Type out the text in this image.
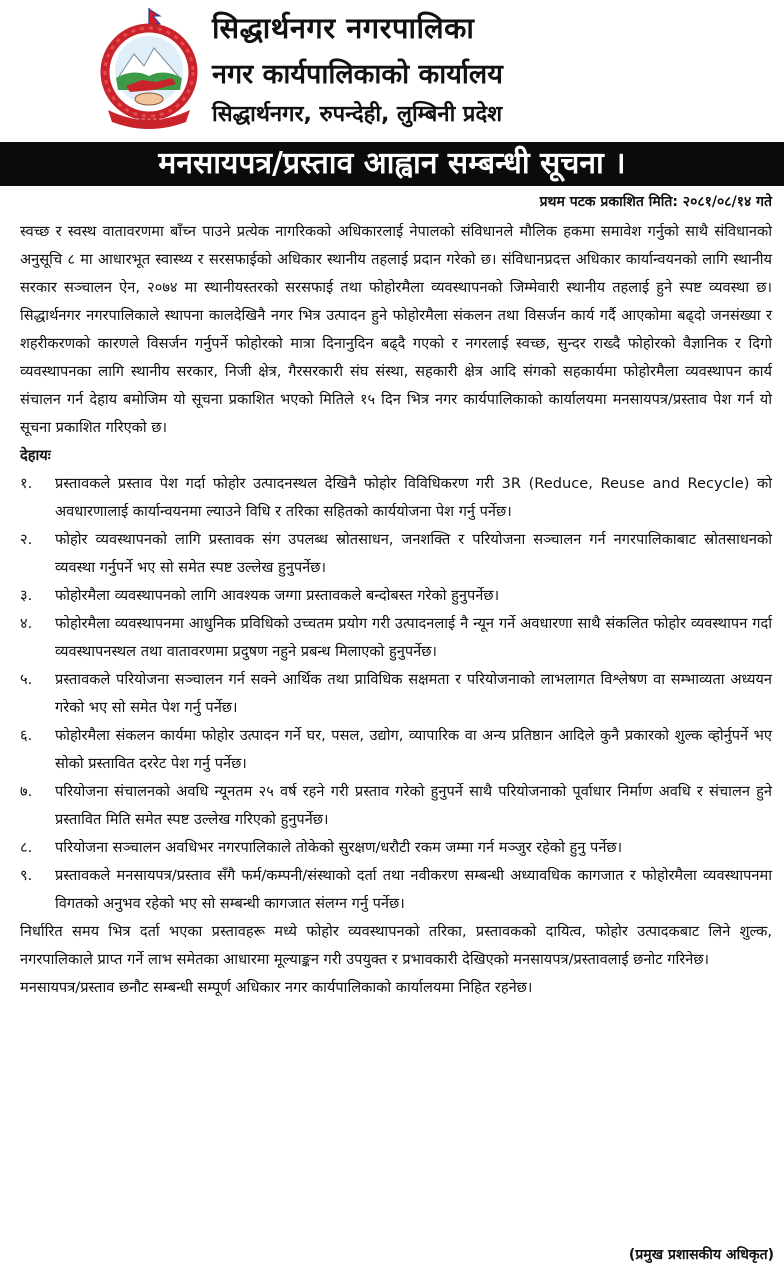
~ ~ ~ ~ ~
सिद्धार्थनगर नगरपालिका
नगर कार्यपालिकाको कार्यालय
सिद्धार्थनगर, रुपन्देही, लुम्बिनी प्रदेश
मनसायपत्र/प्रस्ताव आह्वान सम्बन्धी सूचना ।
प्रथम पटक प्रकाशित मिति: २०८१/०८/१४ गते

स्वच्छ र स्वस्थ वातावरणमा बाँच्न पाउने प्रत्येक नागरिकको अधिकारलाई नेपालको संविधानले मौलिक हकमा समावेश गर्नुको साथै संविधानको अनुसूचि ८ मा आधारभूत स्वास्थ्य र सरसफाईको अधिकार स्थानीय तहलाई प्रदान गरेको छ। संविधानप्रदत्त अधिकार कार्यान्वयनको लागि स्थानीय सरकार सञ्चालन ऐन, २०७४ मा स्थानीयस्तरको सरसफाई तथा फोहोरमैला व्यवस्थापनको जिम्मेवारी स्थानीय तहलाई हुने स्पष्ट व्यवस्था छ। सिद्धार्थनगर नगरपालिकाले स्थापना कालदेखिनै नगर भित्र उत्पादन हुने फोहोरमैला संकलन तथा विसर्जन कार्य गर्दै आएकोमा बढ्दो जनसंख्या र शहरीकरणको कारणले विसर्जन गर्नुपर्ने फोहोरको मात्रा दिनानुदिन बढ्दै गएको र नगरलाई स्वच्छ, सुन्दर राख्दै फोहोरको वैज्ञानिक र दिगो व्यवस्थापनका लागि स्थानीय सरकार, निजी क्षेत्र, गैरसरकारी संघ संस्था, सहकारी क्षेत्र आदि संगको सहकार्यमा फोहोरमैला व्यवस्थापन कार्य संचालन गर्न देहाय बमोजिम यो सूचना प्रकाशित भएको मितिले १५ दिन भित्र नगर कार्यपालिकाको कार्यालयमा मनसायपत्र/प्रस्ताव पेश गर्न यो सूचना प्रकाशित गरिएको छ।

देहायः

१.	प्रस्तावकले प्रस्ताव पेश गर्दा फोहोर उत्पादनस्थल देखिनै फोहोर विविधिकरण गरी 3R (Reduce, Reuse and Recycle) को अवधारणालाई कार्यान्वयनमा ल्याउने विधि र तरिका सहितको कार्ययोजना पेश गर्नु पर्नेछ।
२.	फोहोर व्यवस्थापनको लागि प्रस्तावक संग उपलब्ध स्रोतसाधन, जनशक्ति र परियोजना सञ्चालन गर्न नगरपालिकाबाट स्रोतसाधनको व्यवस्था गर्नुपर्ने भए सो समेत स्पष्ट उल्लेख हुनुपर्नेछ।
३.	फोहोरमैला व्यवस्थापनको लागि आवश्यक जग्गा प्रस्तावकले बन्दोबस्त गरेको हुनुपर्नेछ।
४.	फोहोरमैला व्यवस्थापनमा आधुनिक प्रविधिको उच्चतम प्रयोग गरी उत्पादनलाई नै न्यून गर्ने अवधारणा साथै संकलित फोहोर व्यवस्थापन गर्दा व्यवस्थापनस्थल तथा वातावरणमा प्रदुषण नहुने प्रबन्ध मिलाएको हुनुपर्नेछ।
५.	प्रस्तावकले परियोजना सञ्चालन गर्न सक्ने आर्थिक तथा प्राविधिक सक्षमता र परियोजनाको लाभलागत विश्लेषण वा सम्भाव्यता अध्ययन गरेको भए सो समेत पेश गर्नु पर्नेछ।
६.	फोहोरमैला संकलन कार्यमा फोहोर उत्पादन गर्ने घर, पसल, उद्योग, व्यापारिक वा अन्य प्रतिष्ठान आदिले कुनै प्रकारको शुल्क व्होर्नुपर्ने भए सोको प्रस्तावित दररेट पेश गर्नु पर्नेछ।
७.	परियोजना संचालनको अवधि न्यूनतम २५ वर्ष रहने गरी प्रस्ताव गरेको हुनुपर्ने साथै परियोजनाको पूर्वाधार निर्माण अवधि र संचालन हुने प्रस्तावित मिति समेत स्पष्ट उल्लेख गरिएको हुनुपर्नेछ।
८.	परियोजना सञ्चालन अवधिभर नगरपालिकाले तोकेको सुरक्षण/धरौटी रकम जम्मा गर्न मञ्जुर रहेको हुनु पर्नेछ।
९.	प्रस्तावकले मनसायपत्र/प्रस्ताव सँगै फर्म/कम्पनी/संस्थाको दर्ता तथा नवीकरण सम्बन्धी अध्यावधिक कागजात र फोहोरमैला व्यवस्थापनमा विगतको अनुभव रहेको भए सो सम्बन्धी कागजात संलग्न गर्नु पर्नेछ।

निर्धारित समय भित्र दर्ता भएका प्रस्तावहरू मध्ये फोहोर व्यवस्थापनको तरिका, प्रस्तावकको दायित्व, फोहोर उत्पादकबाट लिने शुल्क, नगरपालिकाले प्राप्त गर्ने लाभ समेतका आधारमा मूल्याङ्कन गरी उपयुक्त र प्रभावकारी देखिएको मनसायपत्र/प्रस्तावलाई छनोट गरिनेछ।

मनसायपत्र/प्रस्ताव छनौट सम्बन्धी सम्पूर्ण अधिकार नगर कार्यपालिकाको कार्यालयमा निहित रहनेछ।

(प्रमुख प्रशासकीय अधिकृत)
